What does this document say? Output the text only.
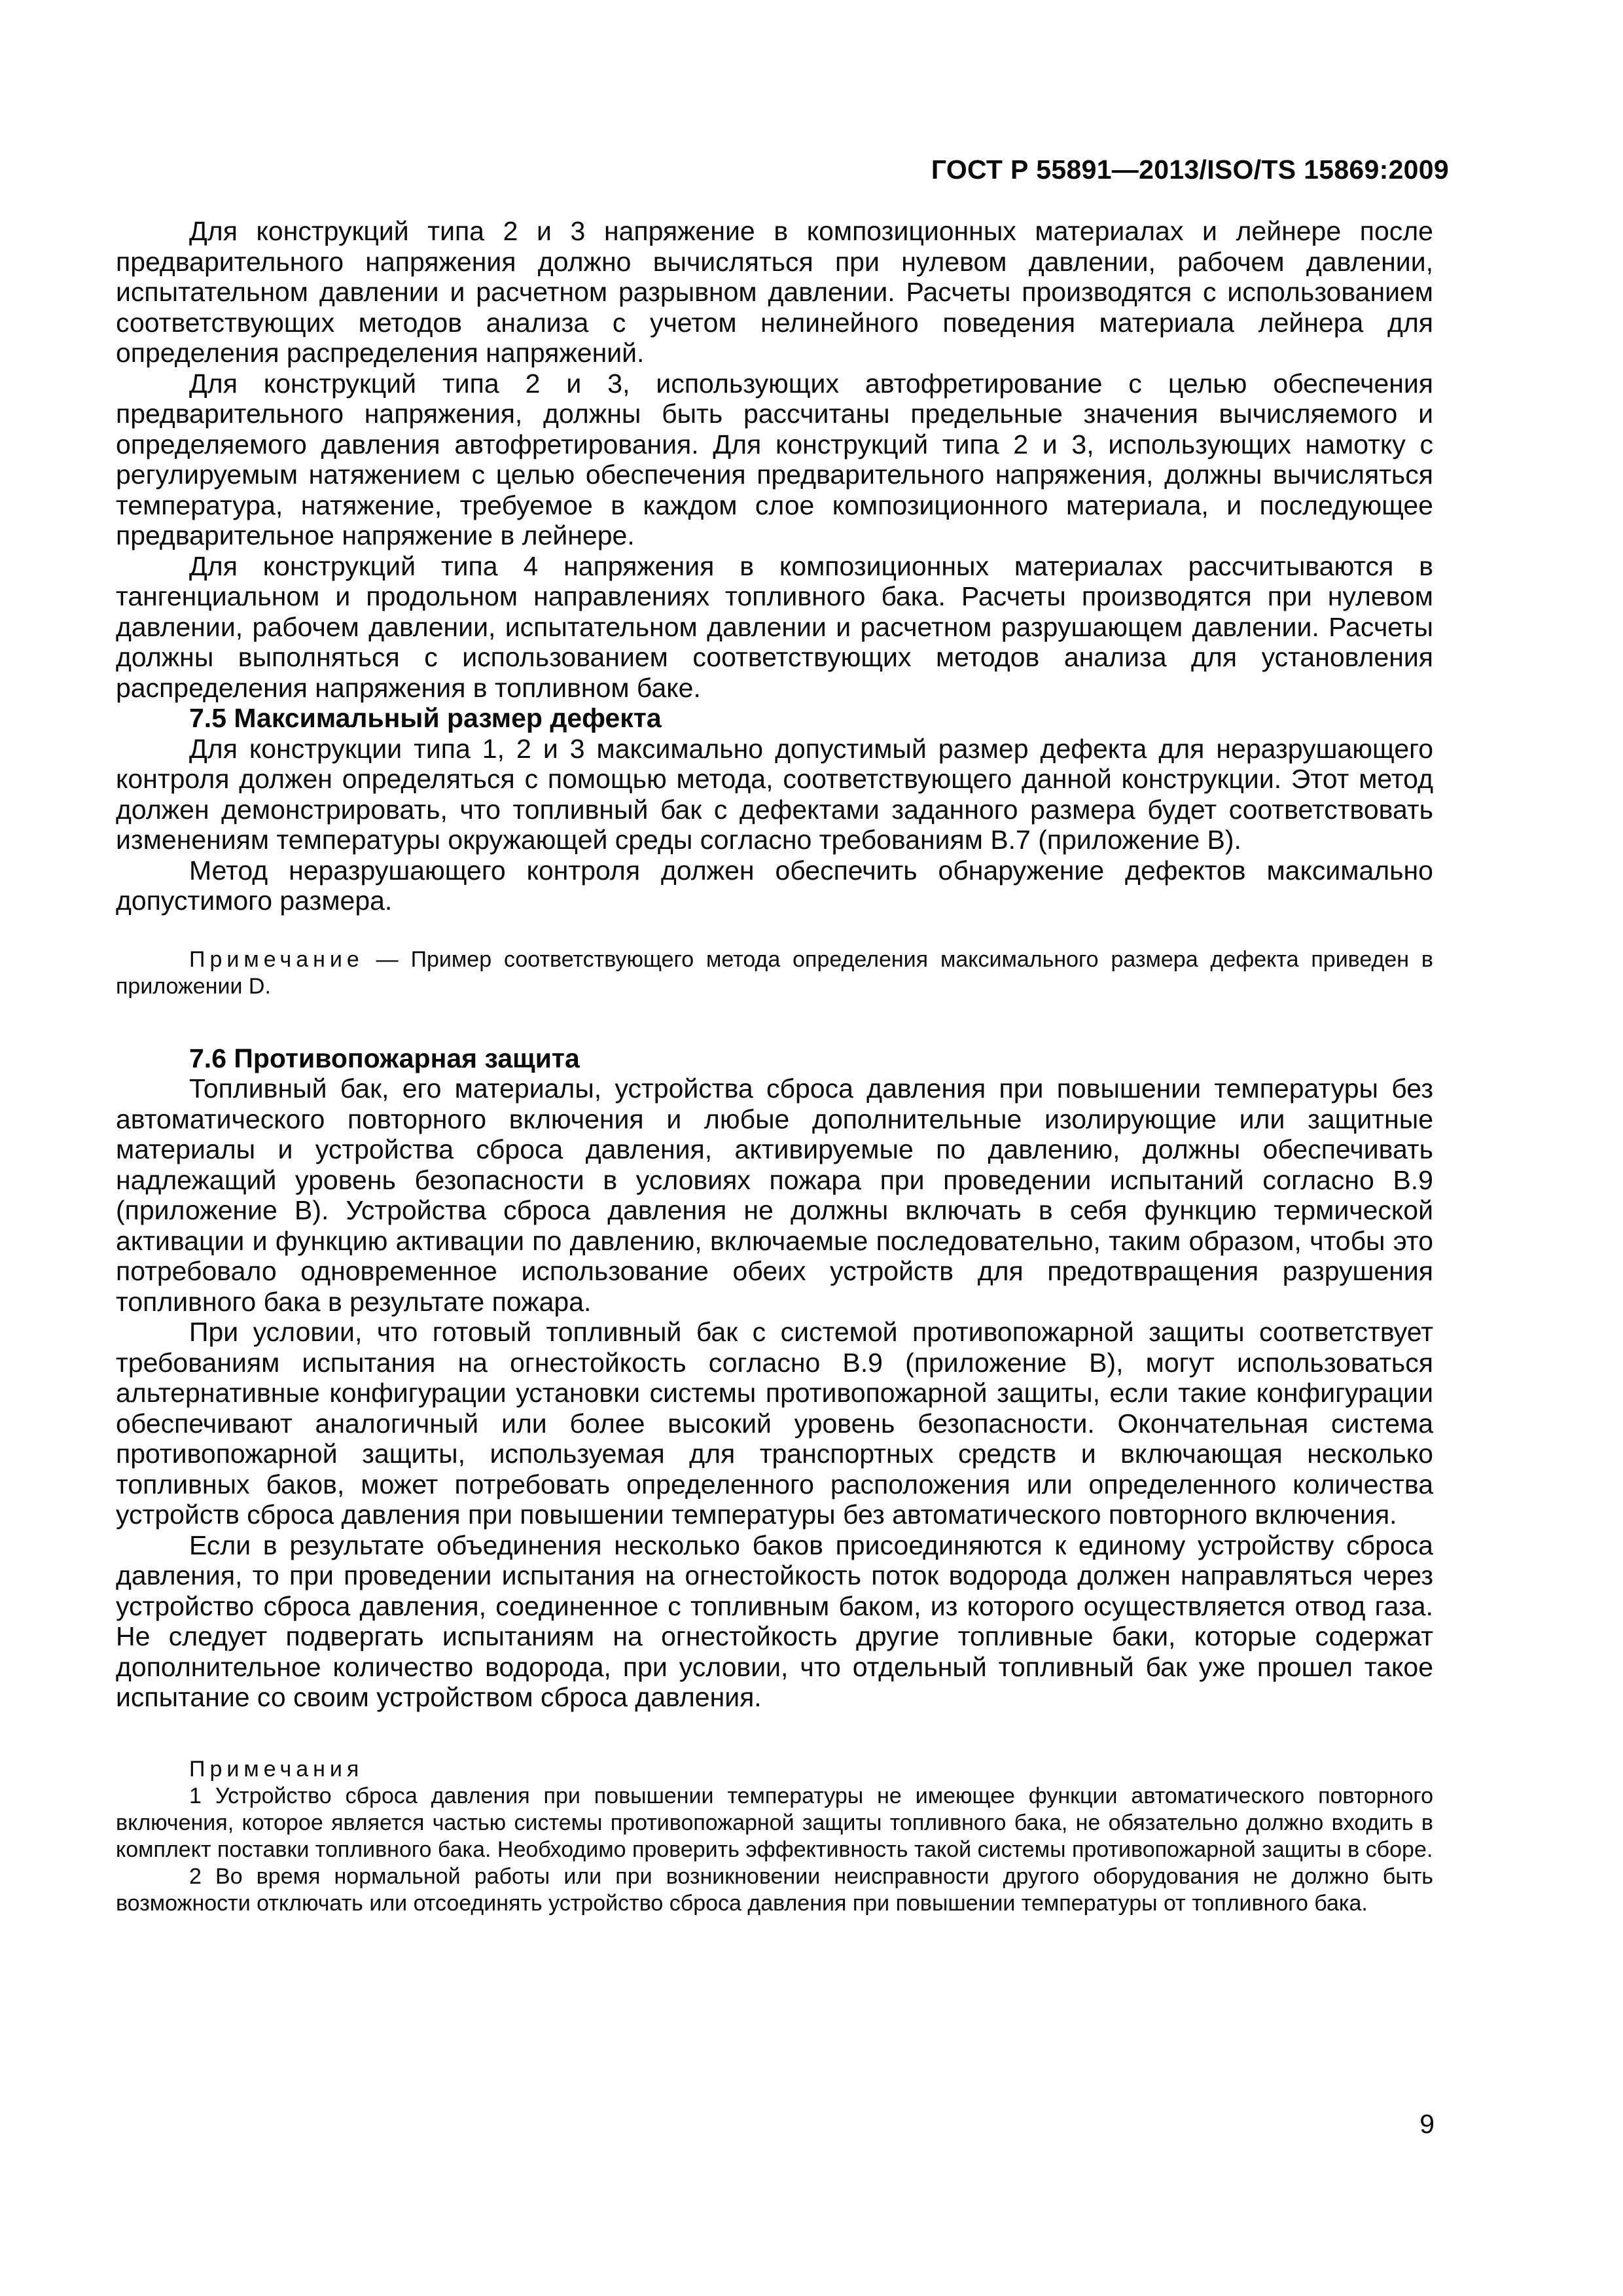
ГОСТ Р 55891—2013/ISO/TS 15869:2009

Для конструкций типа 2 и 3 напряжение в композиционных материалах и лейнере после предварительного напряжения должно вычисляться при нулевом давлении, рабочем давлении, испытательном давлении и расчетном разрывном давлении. Расчеты производятся с использованием соответствующих методов анализа с учетом нелинейного поведения материала лейнера для определения распределения напряжений.

Для конструкций типа 2 и 3, использующих автофретирование с целью обеспечения предварительного напряжения, должны быть рассчитаны предельные значения вычисляемого и определяемого давления автофретирования. Для конструкций типа 2 и 3, использующих намотку с регулируемым натяжением с целью обеспечения предварительного напряжения, должны вычисляться температура, натяжение, требуемое в каждом слое композиционного материала, и последующее предварительное напряжение в лейнере.

Для конструкций типа 4 напряжения в композиционных материалах рассчитываются в тангенциальном и продольном направлениях топливного бака. Расчеты производятся при нулевом давлении, рабочем давлении, испытательном давлении и расчетном разрушающем давлении. Расчеты должны выполняться с использованием соответствующих методов анализа для установления распределения напряжения в топливном баке.

7.5 Максимальный размер дефекта

Для конструкции типа 1, 2 и 3 максимально допустимый размер дефекта для неразрушающего контроля должен определяться с помощью метода, соответствующего данной конструкции. Этот метод должен демонстрировать, что топливный бак с дефектами заданного размера будет соответствовать изменениям температуры окружающей среды согласно требованиям В.7 (приложение В).

Метод неразрушающего контроля должен обеспечить обнаружение дефектов максимально допустимого размера.

Примечание — Пример соответствующего метода определения максимального размера дефекта приведен в приложении D.

7.6 Противопожарная защита

Топливный бак, его материалы, устройства сброса давления при повышении температуры без автоматического повторного включения и любые дополнительные изолирующие или защитные материалы и устройства сброса давления, активируемые по давлению, должны обеспечивать надлежащий уровень безопасности в условиях пожара при проведении испытаний согласно В.9 (приложение В). Устройства сброса давления не должны включать в себя функцию термической активации и функцию активации по давлению, включаемые последовательно, таким образом, чтобы это потребовало одновременное использование обеих устройств для предотвращения разрушения топливного бака в результате пожара.

При условии, что готовый топливный бак с системой противопожарной защиты соответствует требованиям испытания на огнестойкость согласно В.9 (приложение В), могут использоваться альтернативные конфигурации установки системы противопожарной защиты, если такие конфигурации обеспечивают аналогичный или более высокий уровень безопасности. Окончательная система противопожарной защиты, используемая для транспортных средств и включающая несколько топливных баков, может потребовать определенного расположения или определенного количества устройств сброса давления при повышении температуры без автоматического повторного включения.

Если в результате объединения несколько баков присоединяются к единому устройству сброса давления, то при проведении испытания на огнестойкость поток водорода должен направляться через устройство сброса давления, соединенное с топливным баком, из которого осуществляется отвод газа. Не следует подвергать испытаниям на огнестойкость другие топливные баки, которые содержат дополнительное количество водорода, при условии, что отдельный топливный бак уже прошел такое испытание со своим устройством сброса давления.

Примечания

1 Устройство сброса давления при повышении температуры не имеющее функции автоматического повторного включения, которое является частью системы противопожарной защиты топливного бака, не обязательно должно входить в комплект поставки топливного бака. Необходимо проверить эффективность такой системы противопожарной защиты в сборе.

2 Во время нормальной работы или при возникновении неисправности другого оборудования не должно быть возможности отключать или отсоединять устройство сброса давления при повышении температуры от топливного бака.

9
